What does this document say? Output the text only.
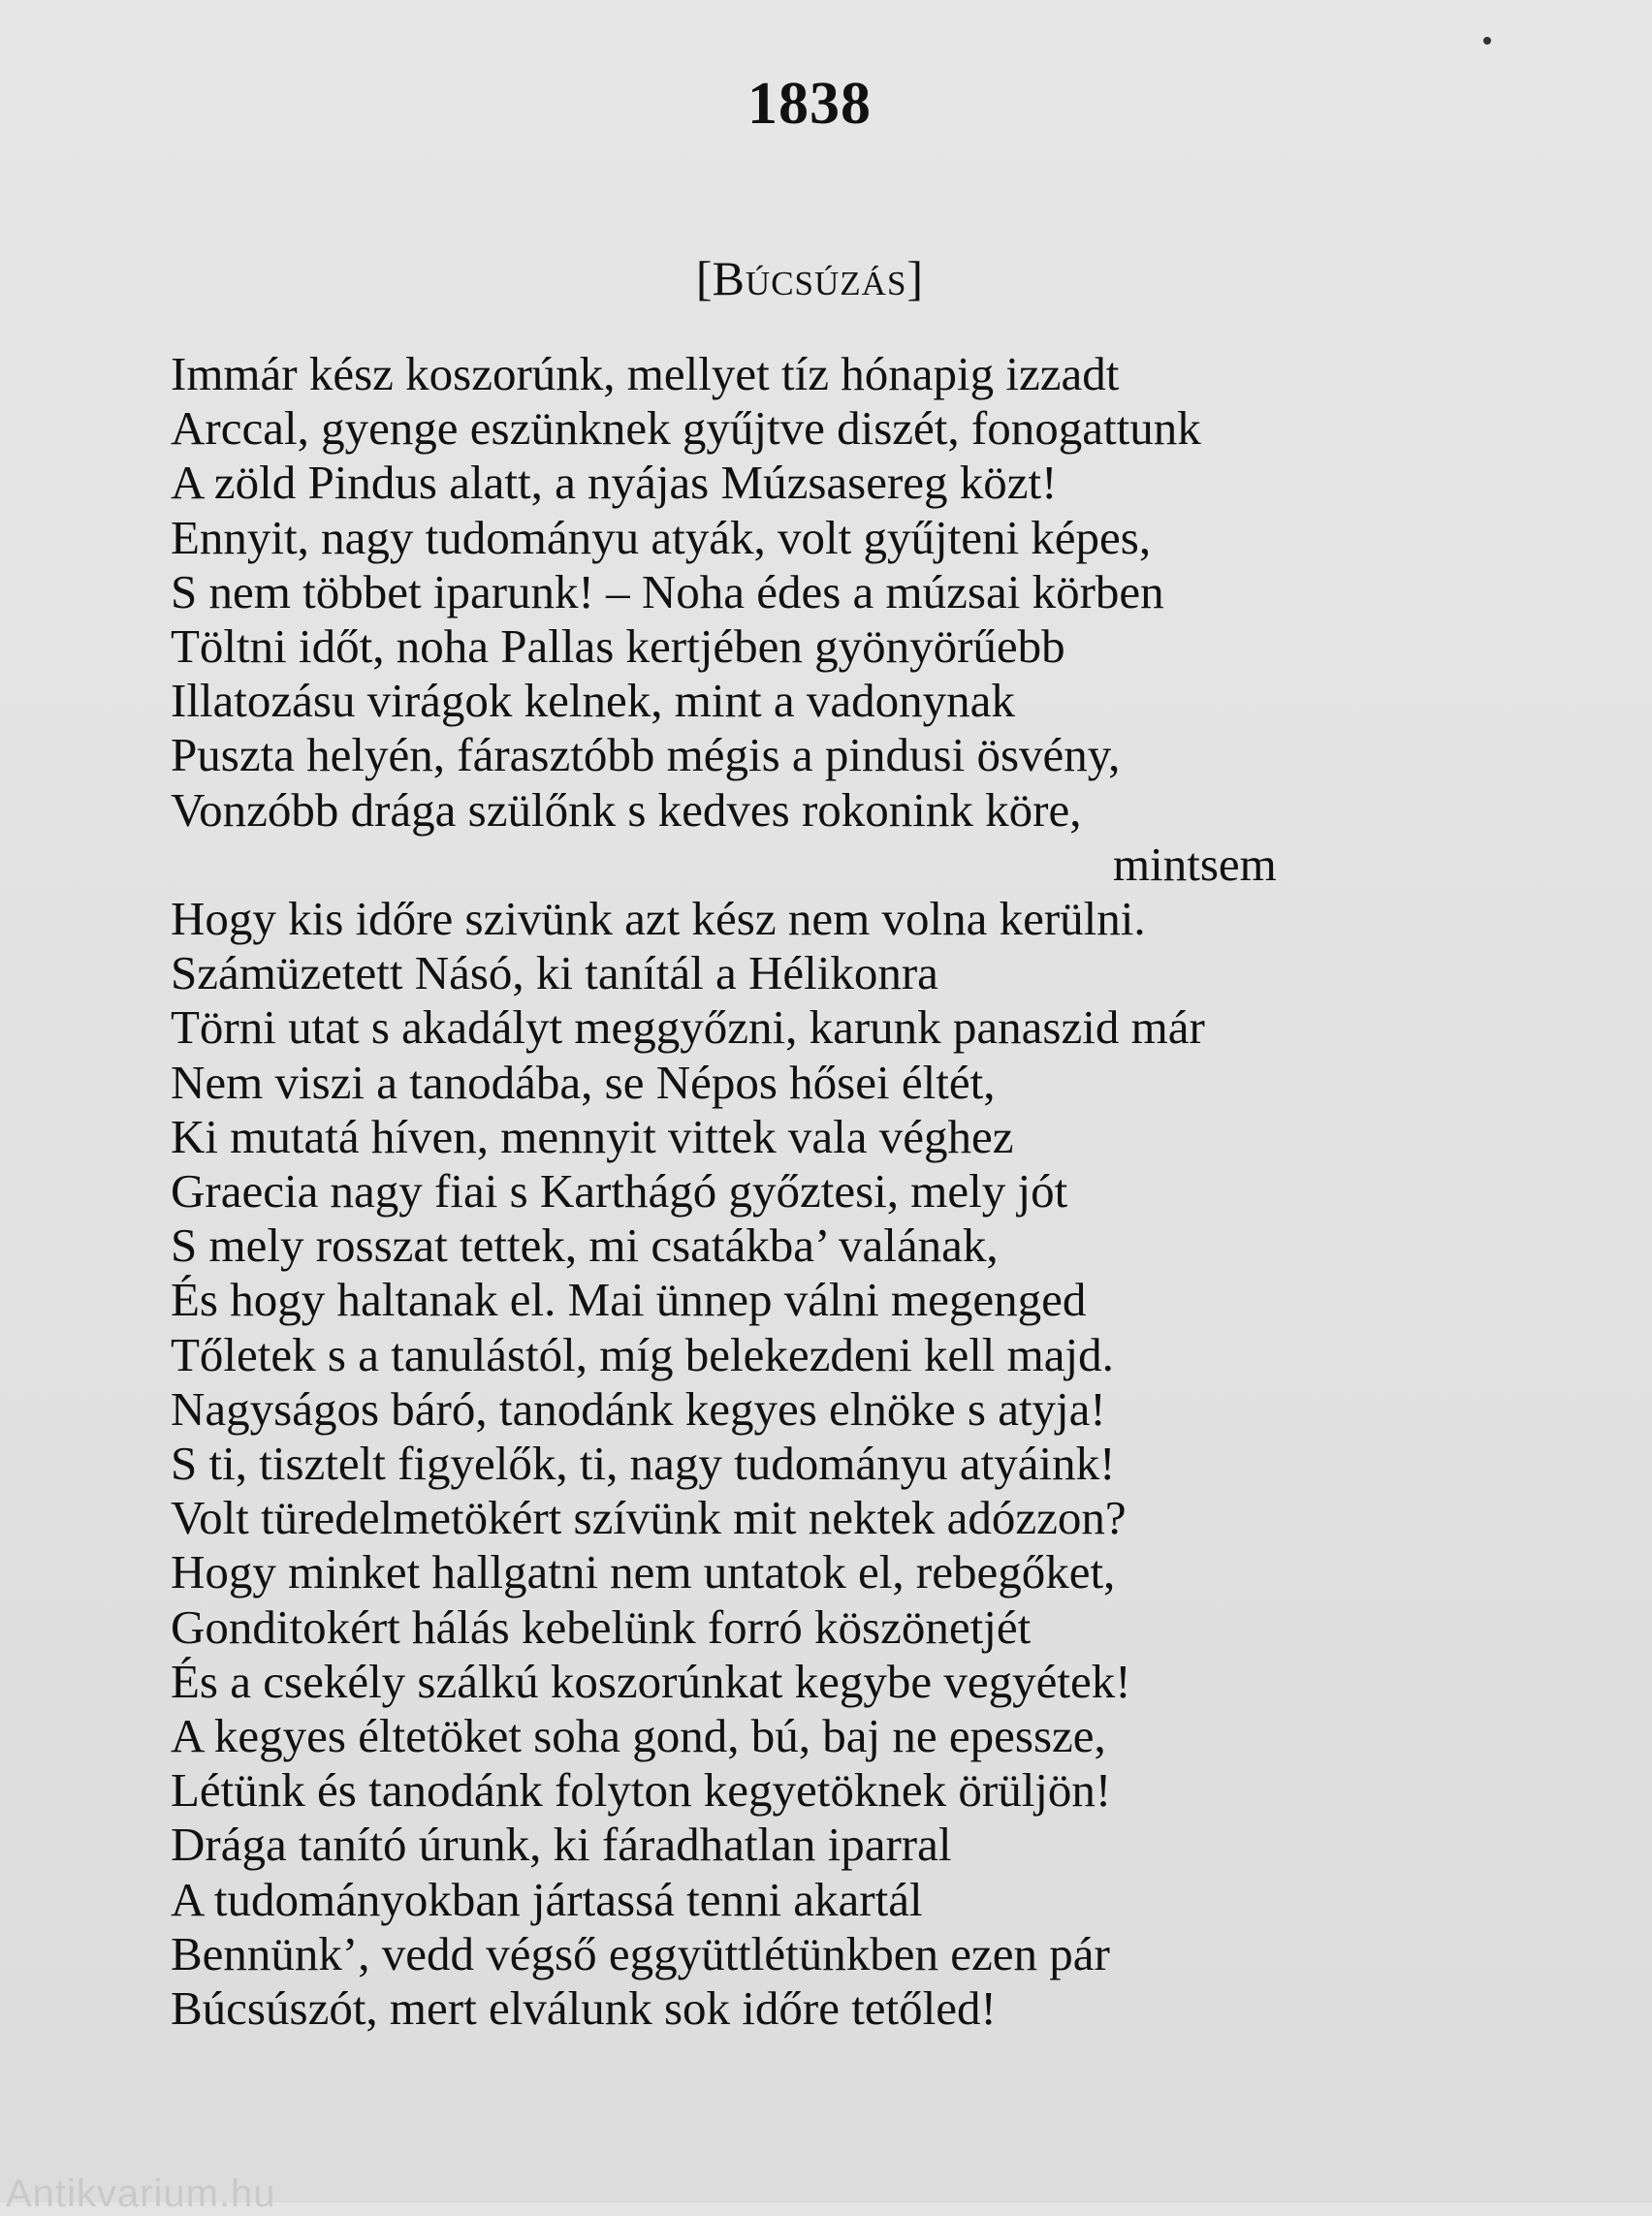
1838
[Búcsúzás]
Immár kész koszorúnk, mellyet tíz hónapig izzadt
Arccal, gyenge eszünknek gyűjtve diszét, fonogattunk
A zöld Pindus alatt, a nyájas Múzsasereg közt!
Ennyit, nagy tudományu atyák, volt gyűjteni képes,
S nem többet iparunk! – Noha édes a múzsai körben
Töltni időt, noha Pallas kertjében gyönyörűebb
Illatozásu virágok kelnek, mint a vadonynak
Puszta helyén, fárasztóbb mégis a pindusi ösvény,
Vonzóbb drága szülőnk s kedves rokonink köre,
mintsem
Hogy kis időre szivünk azt kész nem volna kerülni.
Számüzetett Násó, ki tanítál a Hélikonra
Törni utat s akadályt meggyőzni, karunk panaszid már
Nem viszi a tanodába, se Népos hősei éltét,
Ki mutatá híven, mennyit vittek vala véghez
Graecia nagy fiai s Karthágó győztesi, mely jót
S mely rosszat tettek, mi csatákba’ valának,
És hogy haltanak el. Mai ünnep válni megenged
Tőletek s a tanulástól, míg belekezdeni kell majd.
Nagyságos báró, tanodánk kegyes elnöke s atyja!
S ti, tisztelt figyelők, ti, nagy tudományu atyáink!
Volt türedelmetökért szívünk mit nektek adózzon?
Hogy minket hallgatni nem untatok el, rebegőket,
Gonditokért hálás kebelünk forró köszönetjét
És a csekély szálkú koszorúnkat kegybe vegyétek!
A kegyes éltetöket soha gond, bú, baj ne epessze,
Létünk és tanodánk folyton kegyetöknek örüljön!
Drága tanító úrunk, ki fáradhatlan iparral
A tudományokban jártassá tenni akartál
Bennünk’, vedd végső eggyüttlétünkben ezen pár
Búcsúszót, mert elválunk sok időre tetőled!
Antikvarium.hu
